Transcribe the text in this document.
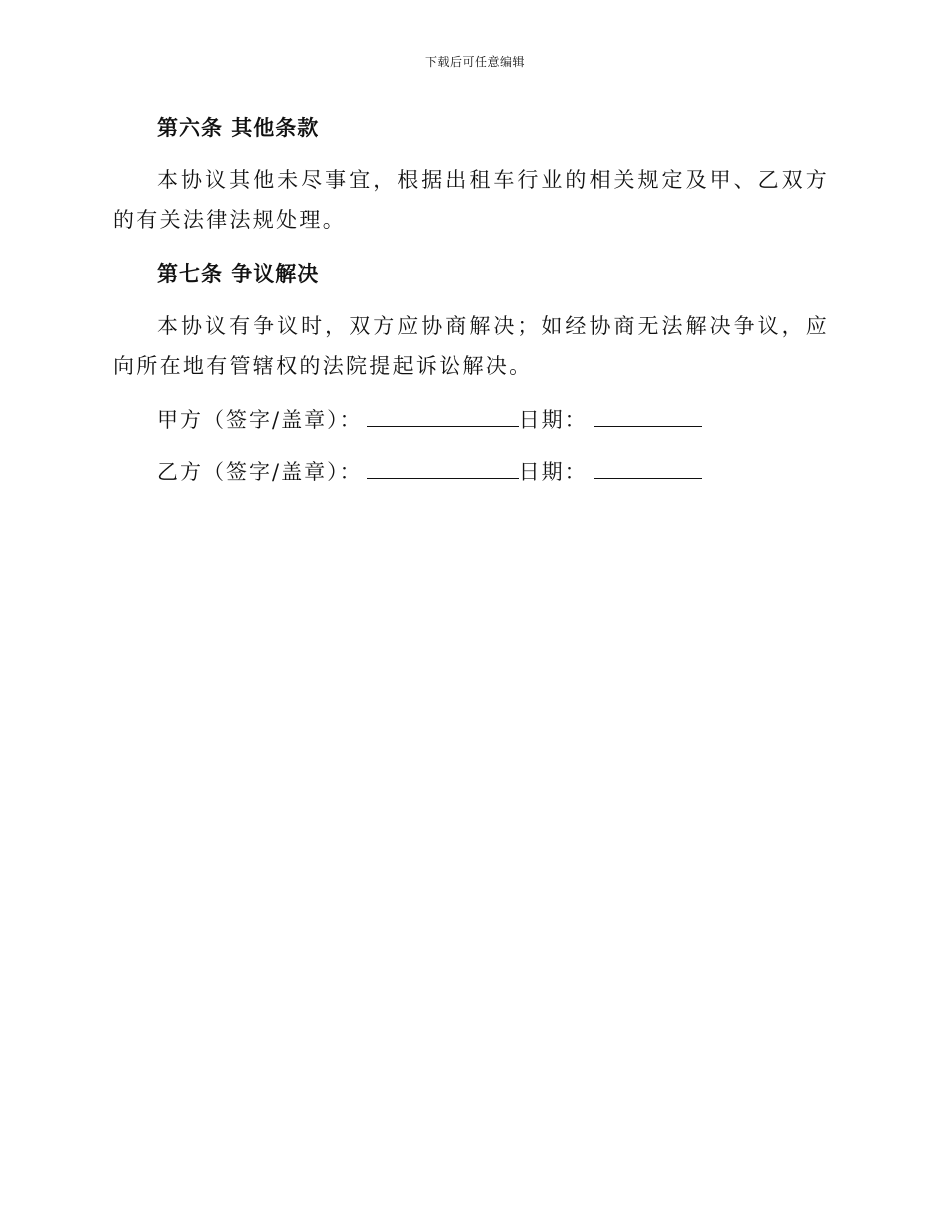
下载后可任意编辑
第六条 其他条款

本协议其他未尽事宜，根据出租车行业的相关规定及甲、乙双方的有关法律法规处理。

第七条 争议解决

本协议有争议时，双方应协商解决；如经协商无法解决争议，应向所在地有管辖权的法院提起诉讼解决。

甲方（签字/盖章）：	日期：
乙方（签字/盖章）：	日期：
